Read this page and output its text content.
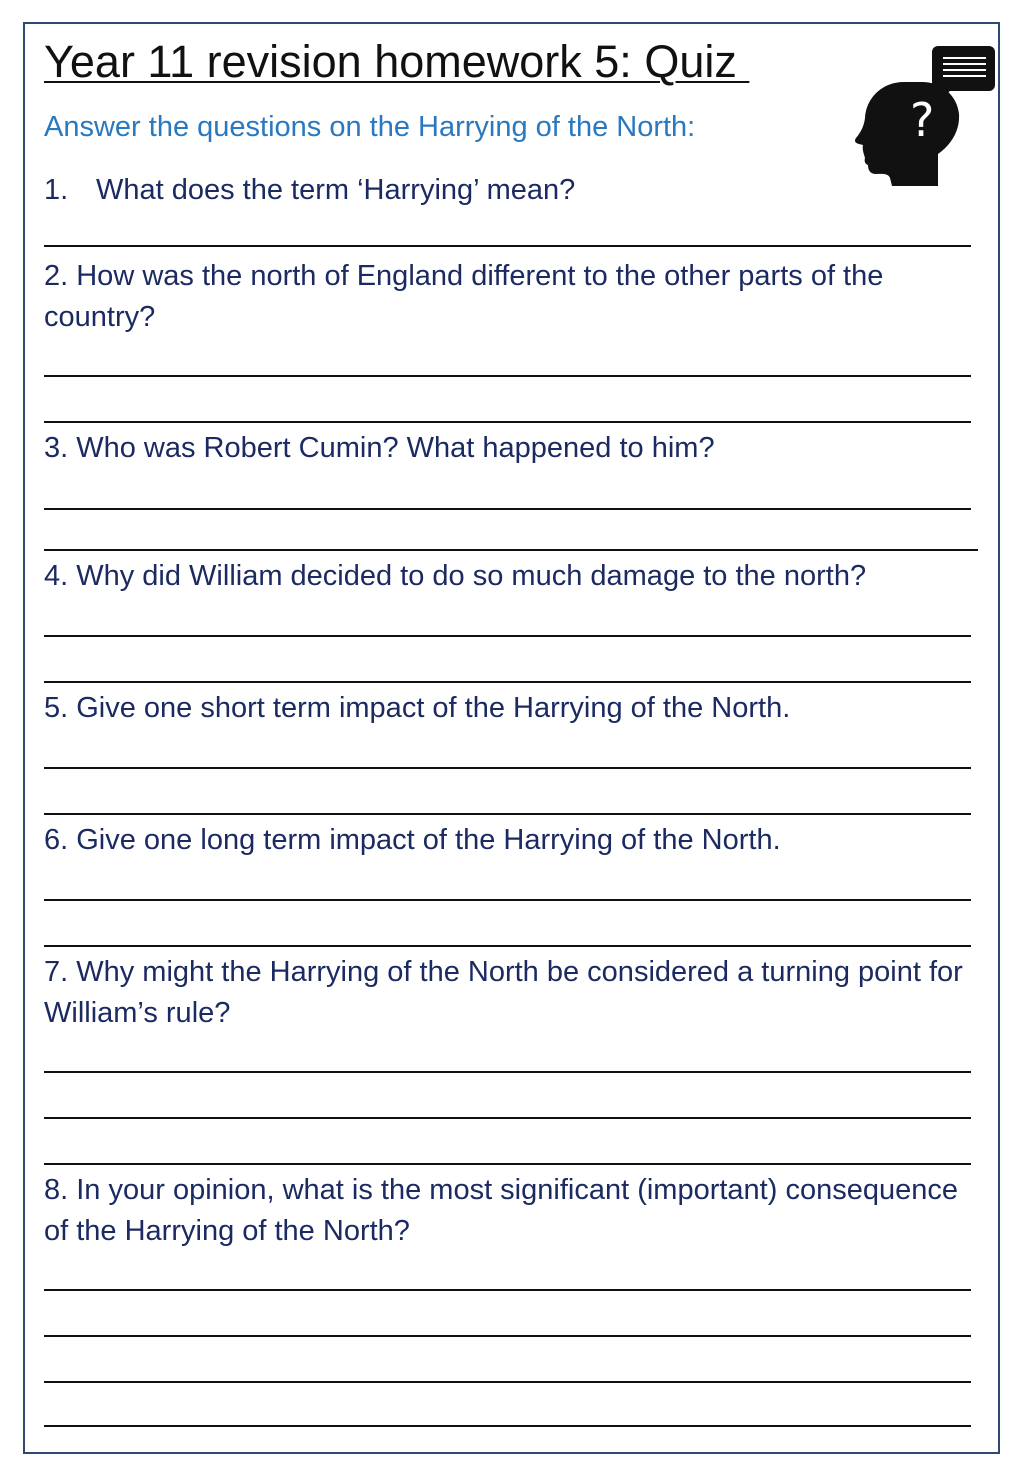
Year 11 revision homework 5: Quiz
Answer the questions on the Harrying of the North:	?
1. What does the term ‘Harrying’ mean?
2. How was the north of England different to the other parts of the country?
3. Who was Robert Cumin? What happened to him?
4. Why did William decided to do so much damage to the north?
5. Give one short term impact of the Harrying of the North.
6. Give one long term impact of the Harrying of the North.
7. Why might the Harrying of the North be considered a turning point for William’s rule?
8. In your opinion, what is the most significant (important) consequence of the Harrying of the North?
